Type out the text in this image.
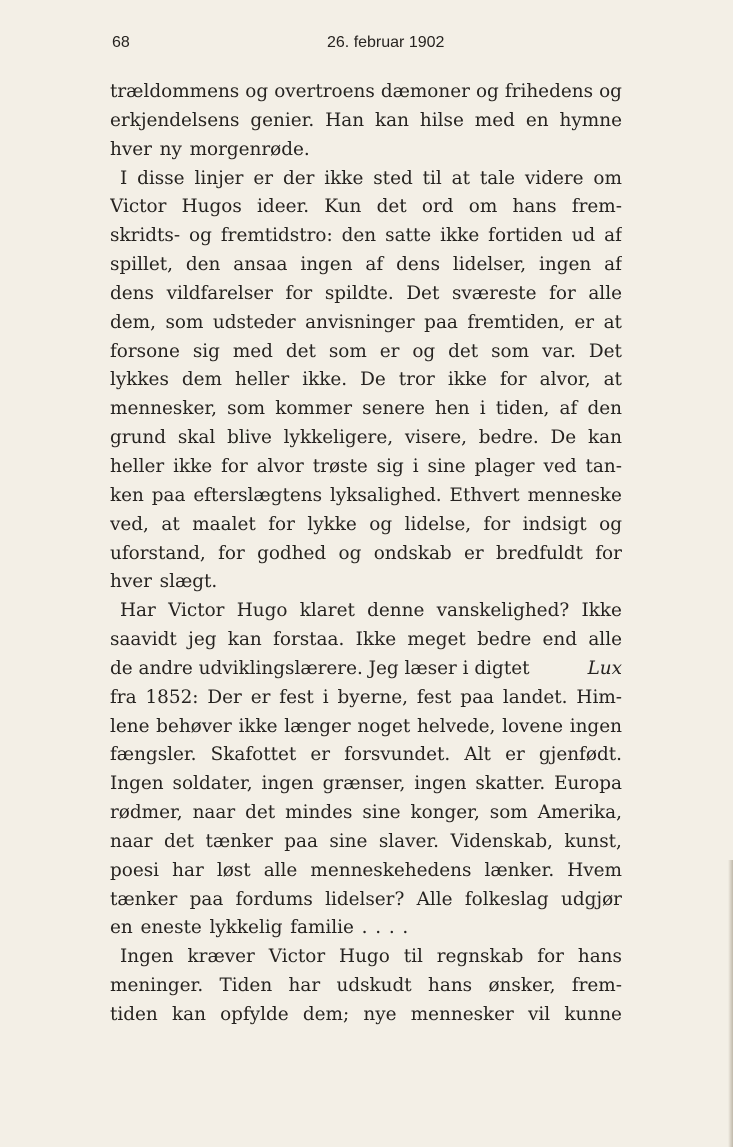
68	26. februar 1902
trældommens og overtroens dæmoner og frihedens og
erkjendelsens genier. Han kan hilse med en hymne
hver ny morgenrøde.
I disse linjer er der ikke sted til at tale videre om
Victor Hugos ideer. Kun det ord om hans frem-
skridts- og fremtidstro: den satte ikke fortiden ud af
spillet, den ansaa ingen af dens lidelser, ingen af
dens vildfarelser for spildte. Det sværeste for alle
dem, som udsteder anvisninger paa fremtiden, er at
forsone sig med det som er og det som var. Det
lykkes dem heller ikke. De tror ikke for alvor, at
mennesker, som kommer senere hen i tiden, af den
grund skal blive lykkeligere, visere, bedre. De kan
heller ikke for alvor trøste sig i sine plager ved tan-
ken paa efterslægtens lyksalighed. Ethvert menneske
ved, at maalet for lykke og lidelse, for indsigt og
uforstand, for godhed og ondskab er bredfuldt for
hver slægt.
Har Victor Hugo klaret denne vanskelighed? Ikke
saavidt jeg kan forstaa. Ikke meget bedre end alle
de andre udviklingslærere. Jeg læser i digtet	Lux
fra 1852: Der er fest i byerne, fest paa landet. Him-
lene behøver ikke længer noget helvede, lovene ingen
fængsler. Skafottet er forsvundet. Alt er gjenfødt.
Ingen soldater, ingen grænser, ingen skatter. Europa
rødmer, naar det mindes sine konger, som Amerika,
naar det tænker paa sine slaver. Videnskab, kunst,
poesi har løst alle menneskehedens lænker. Hvem
tænker paa fordums lidelser? Alle folkeslag udgjør
en eneste lykkelig familie . . . .
Ingen kræver Victor Hugo til regnskab for hans
meninger. Tiden har udskudt hans ønsker, frem-
tiden kan opfylde dem; nye mennesker vil kunne
